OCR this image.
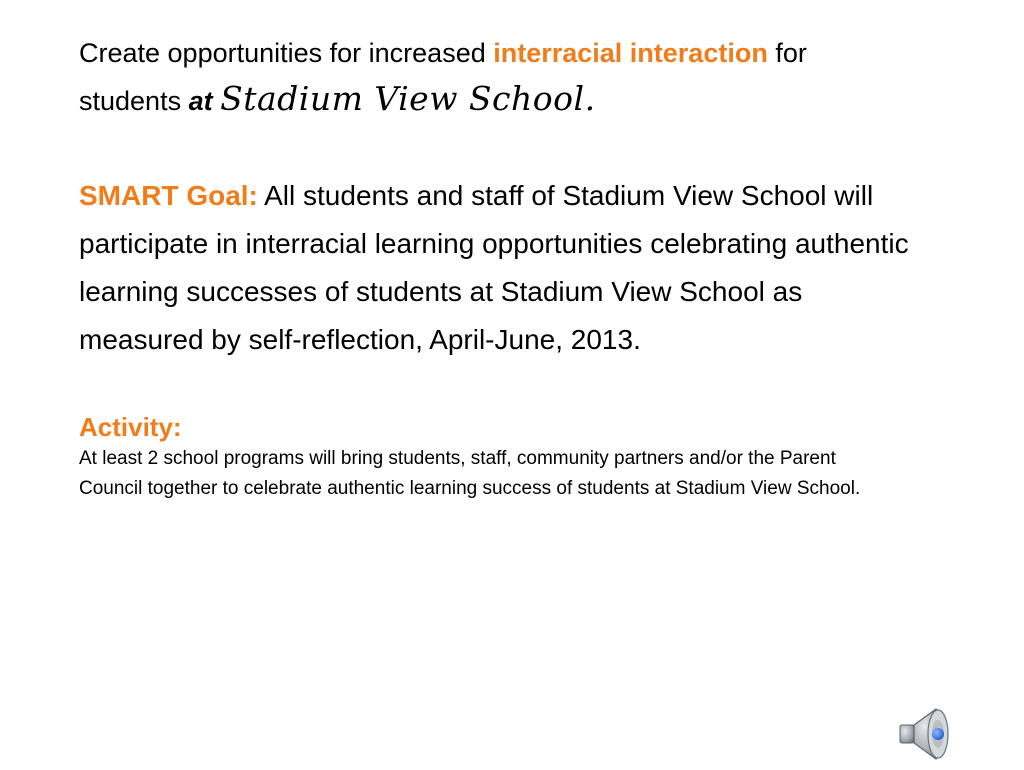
Create opportunities for increased interracial interaction for students at Stadium View School.

SMART Goal: All students and staff of Stadium View School will participate in interracial learning opportunities celebrating authentic learning successes of students at Stadium View School as measured by self-reflection, April-June, 2013.

Activity:

At least 2 school programs will bring students, staff, community partners and/or the Parent Council together to celebrate authentic learning success of students at Stadium View School.
